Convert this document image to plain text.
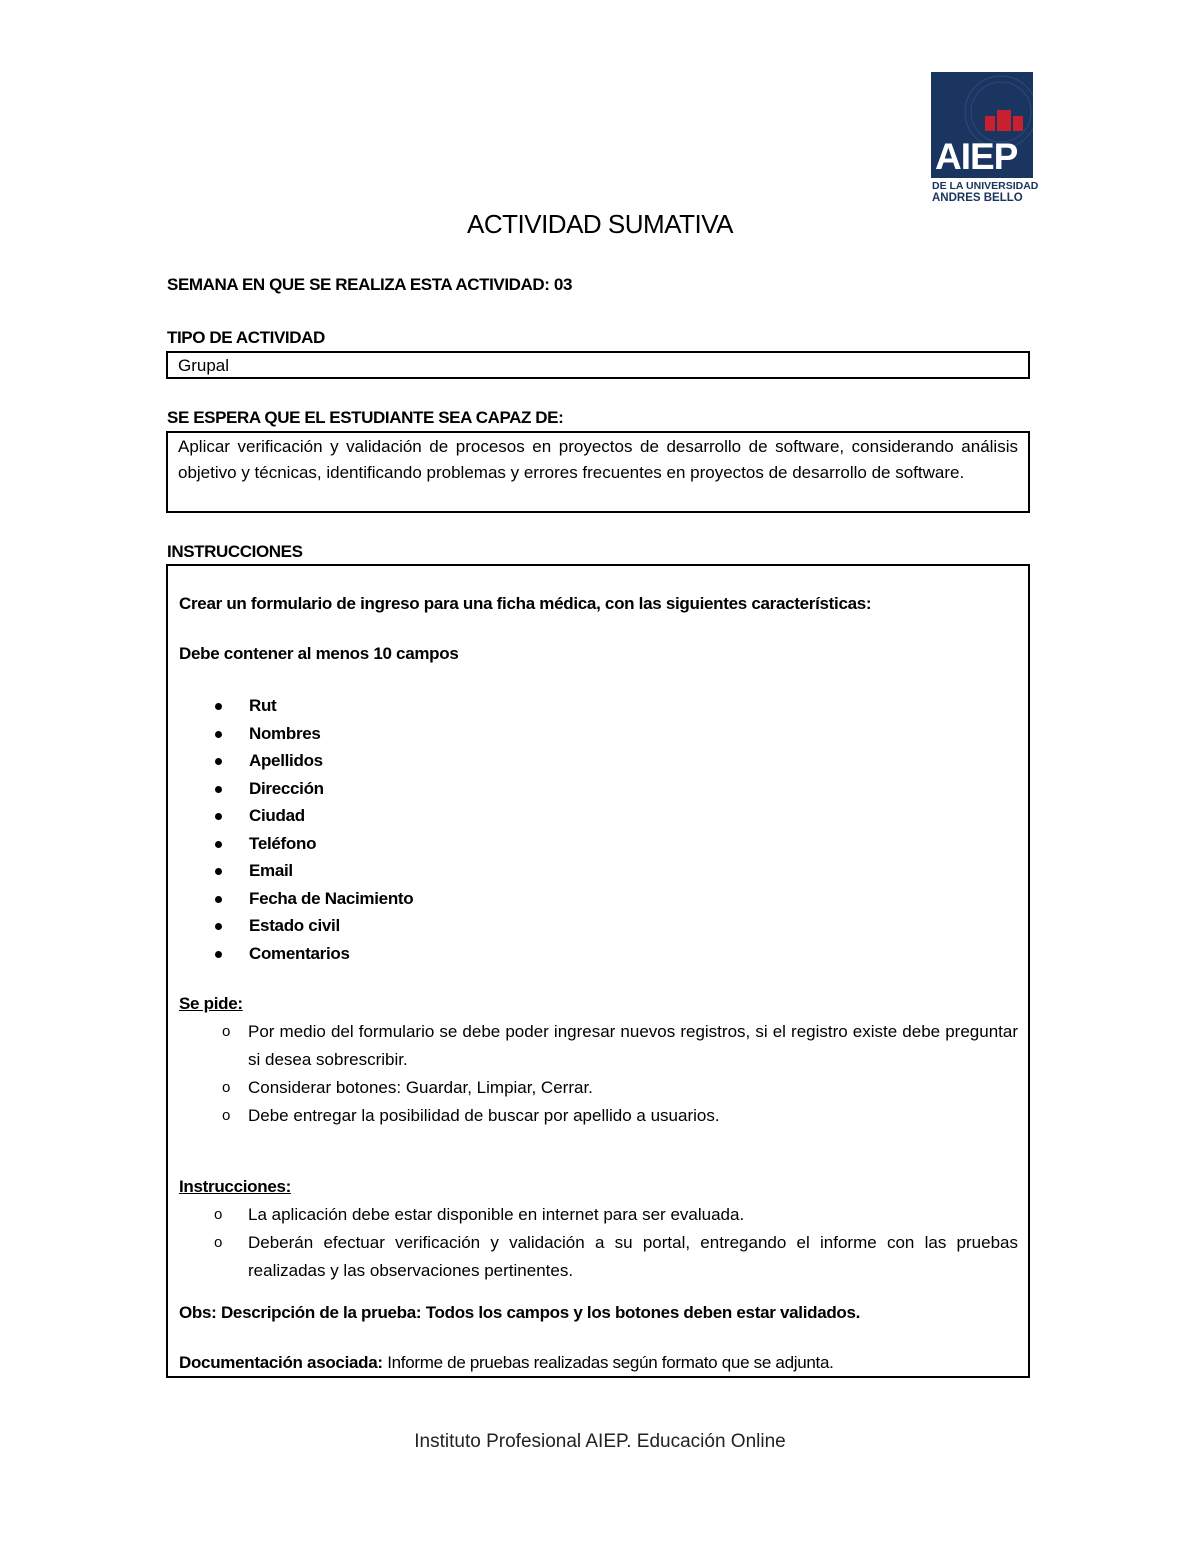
AIEP
DE LA UNIVERSIDAD
ANDRES BELLO
ACTIVIDAD SUMATIVA
SEMANA EN QUE SE REALIZA ESTA ACTIVIDAD: 03
TIPO DE ACTIVIDAD
Grupal
SE ESPERA QUE EL ESTUDIANTE SEA CAPAZ DE:
Aplicar verificación y validación de procesos en proyectos de desarrollo de software, considerando análisis objetivo y técnicas, identificando problemas y errores frecuentes en proyectos de desarrollo de software.
INSTRUCCIONES
Crear un formulario de ingreso para una ficha médica, con las siguientes características:
Debe contener al menos 10 campos
Rut
Nombres
Apellidos
Dirección
Ciudad
Teléfono
Email
Fecha de Nacimiento
Estado civil
Comentarios
Se pide:
o Por medio del formulario se debe poder ingresar nuevos registros, si el registro existe debe preguntar si desea sobrescribir.
o Considerar botones: Guardar, Limpiar, Cerrar.
o Debe entregar la posibilidad de buscar por apellido a usuarios.
Instrucciones:
o La aplicación debe estar disponible en internet para ser evaluada.
o Deberán efectuar verificación y validación a su portal, entregando el informe con las pruebas realizadas y las observaciones pertinentes.
Obs: Descripción de la prueba: Todos los campos y los botones deben estar validados.
Documentación asociada: Informe de pruebas realizadas según formato que se adjunta.
Instituto Profesional AIEP. Educación Online
